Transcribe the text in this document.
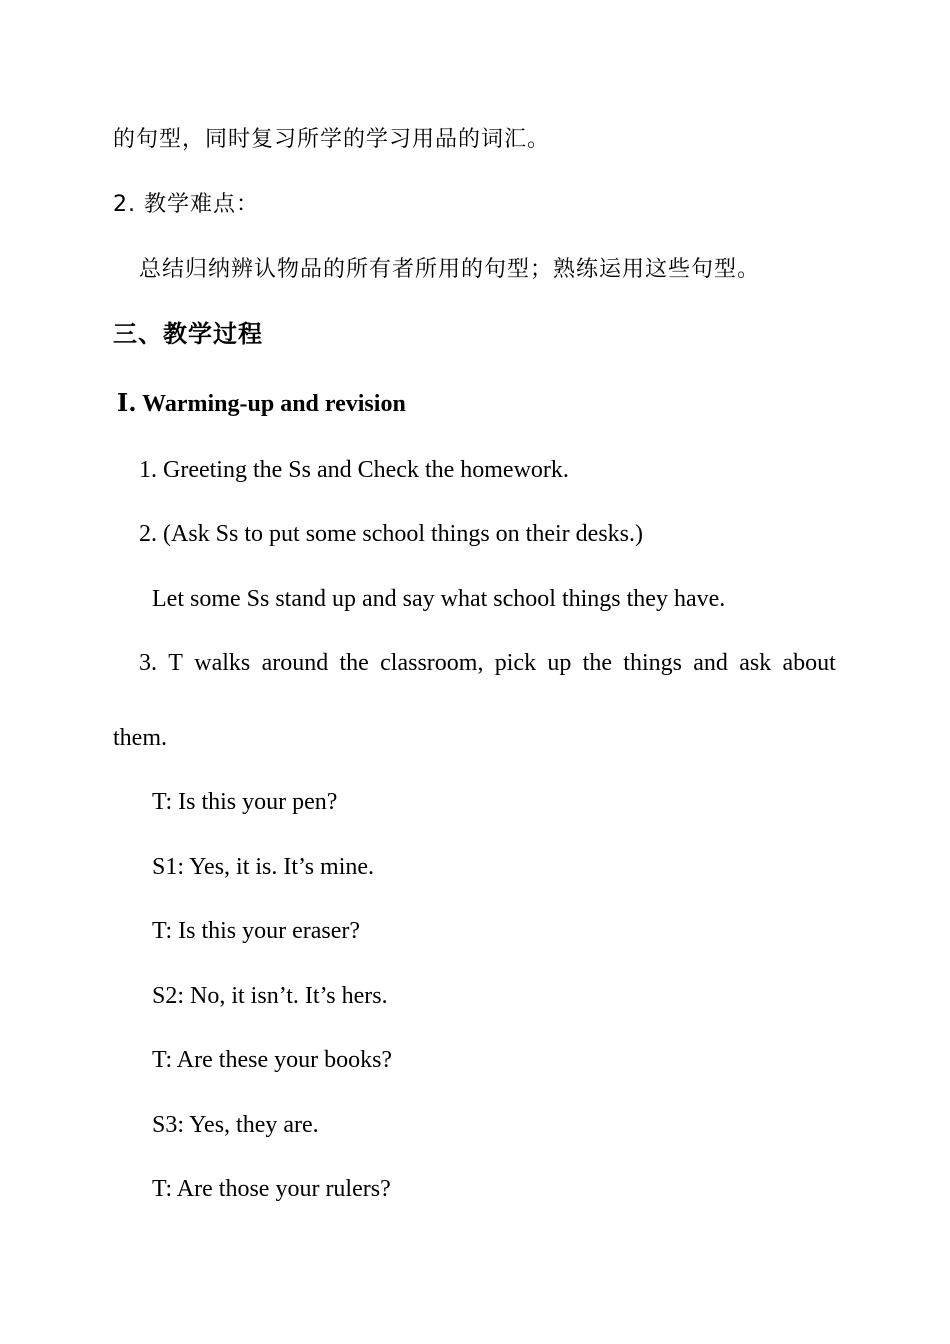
的句型，同时复习所学的学习用品的词汇。
2. 教学难点：
总结归纳辨认物品的所有者所用的句型；熟练运用这些句型。
三、教学过程
Ⅰ. Warming-up and revision
1. Greeting the Ss and Check the homework.
2. (Ask Ss to put some school things on their desks.)
Let some Ss stand up and say what school things they have.
3. T walks around the classroom, pick up the things and ask about
them.
T: Is this your pen?
S1: Yes, it is. It’s mine.
T: Is this your eraser?
S2: No, it isn’t. It’s hers.
T: Are these your books?
S3: Yes, they are.
T: Are those your rulers?
